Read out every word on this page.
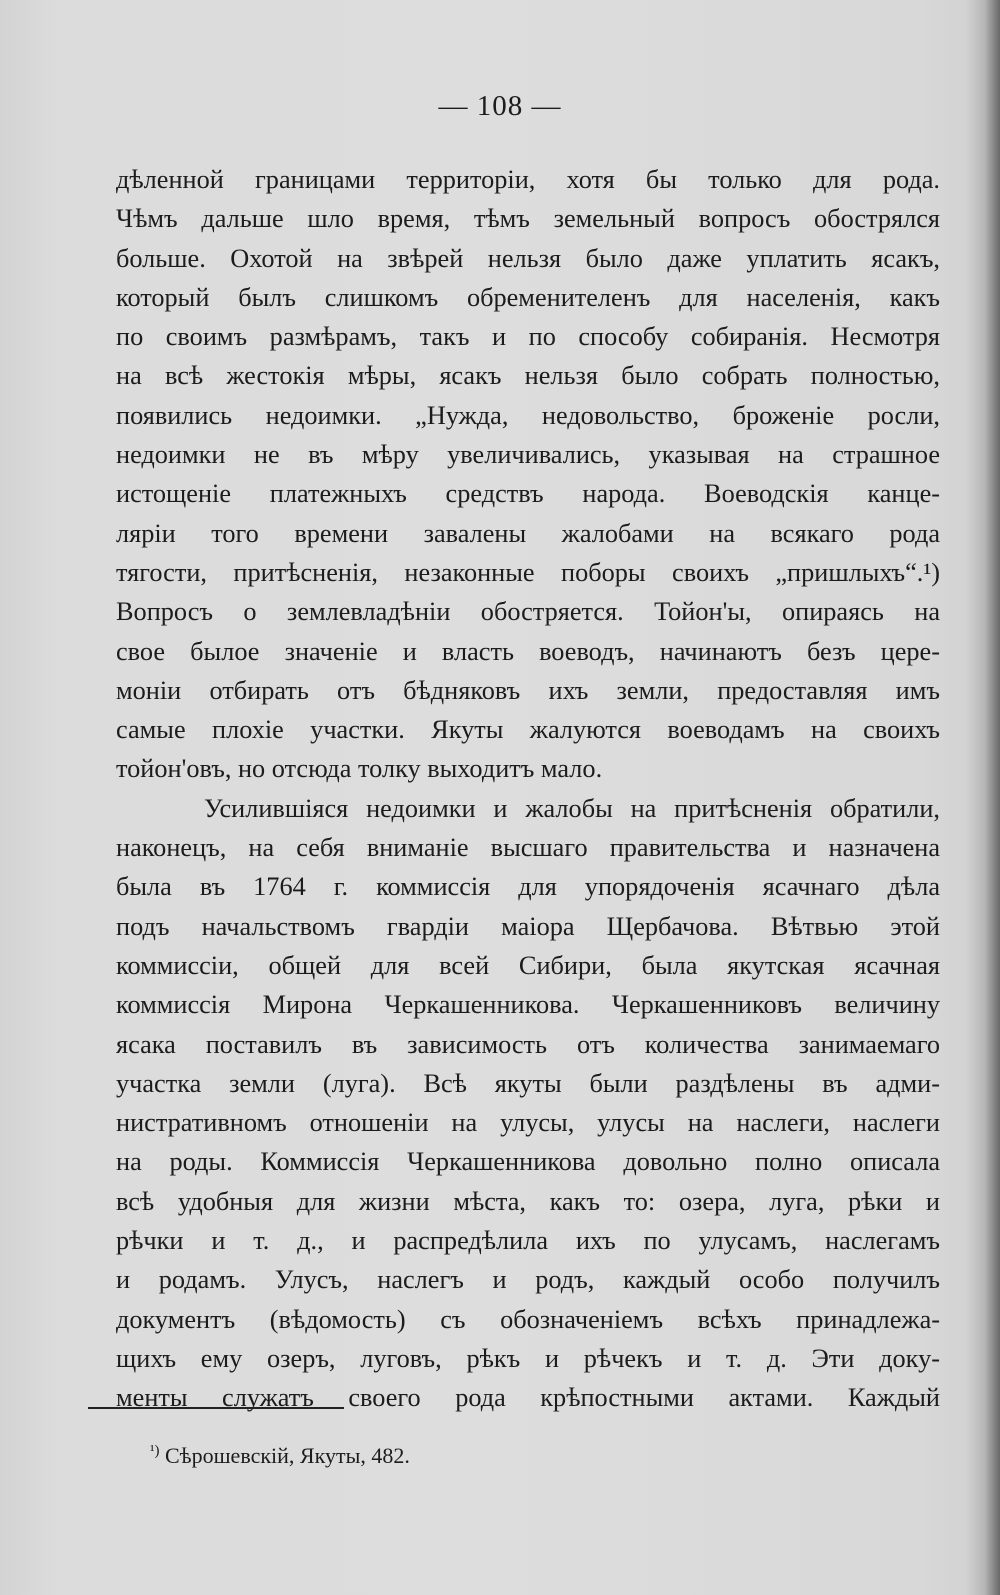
— 108 —
дѣленной границами территоріи, хотя бы только для рода.
Чѣмъ дальше шло время, тѣмъ земельный вопросъ обострялся
больше. Охотой на звѣрей нельзя было даже уплатить ясакъ,
который былъ слишкомъ обременителенъ для населенія, какъ
по своимъ размѣрамъ, такъ и по способу собиранія. Несмотря
на всѣ жестокія мѣры, ясакъ нельзя было собрать полностью,
появились недоимки. „Нужда, недовольство, броженіе росли,
недоимки не въ мѣру увеличивались, указывая на страшное
истощеніе платежныхъ средствъ народа. Воеводскія канце-
ляріи того времени завалены жалобами на всякаго рода
тягости, притѣсненія, незаконные поборы своихъ „пришлыхъ“.¹)
Вопросъ о землевладѣніи обостряется. Тойон'ы, опираясь на
свое былое значеніе и власть воеводъ, начинаютъ безъ цере-
моніи отбирать отъ бѣдняковъ ихъ земли, предоставляя имъ
самые плохіе участки. Якуты жалуются воеводамъ на своихъ
тойон'овъ, но отсюда толку выходитъ мало.
Усилившіяся недоимки и жалобы на притѣсненія обратили,
наконецъ, на себя вниманіе высшаго правительства и назначена
была въ 1764 г. коммиссія для упорядоченія ясачнаго дѣла
подъ начальствомъ гвардіи маіора Щербачова. Вѣтвью этой
коммиссіи, общей для всей Сибири, была якутская ясачная
коммиссія Мирона Черкашенникова. Черкашенниковъ величину
ясака поставилъ въ зависимость отъ количества занимаемаго
участка земли (луга). Всѣ якуты были раздѣлены въ адми-
нистративномъ отношеніи на улусы, улусы на наслеги, наслеги
на роды. Коммиссія Черкашенникова довольно полно описала
всѣ удобныя для жизни мѣста, какъ то: озера, луга, рѣки и
рѣчки и т. д., и распредѣлила ихъ по улусамъ, наслегамъ
и родамъ. Улусъ, наслегъ и родъ, каждый особо получилъ
документъ (вѣдомость) съ обозначеніемъ всѣхъ принадлежа-
щихъ ему озеръ, луговъ, рѣкъ и рѣчекъ и т. д. Эти доку-
менты служатъ своего рода крѣпостными актами. Каждый

$^{^1)}$ Сѣрошевскій, Якуты, 482.
